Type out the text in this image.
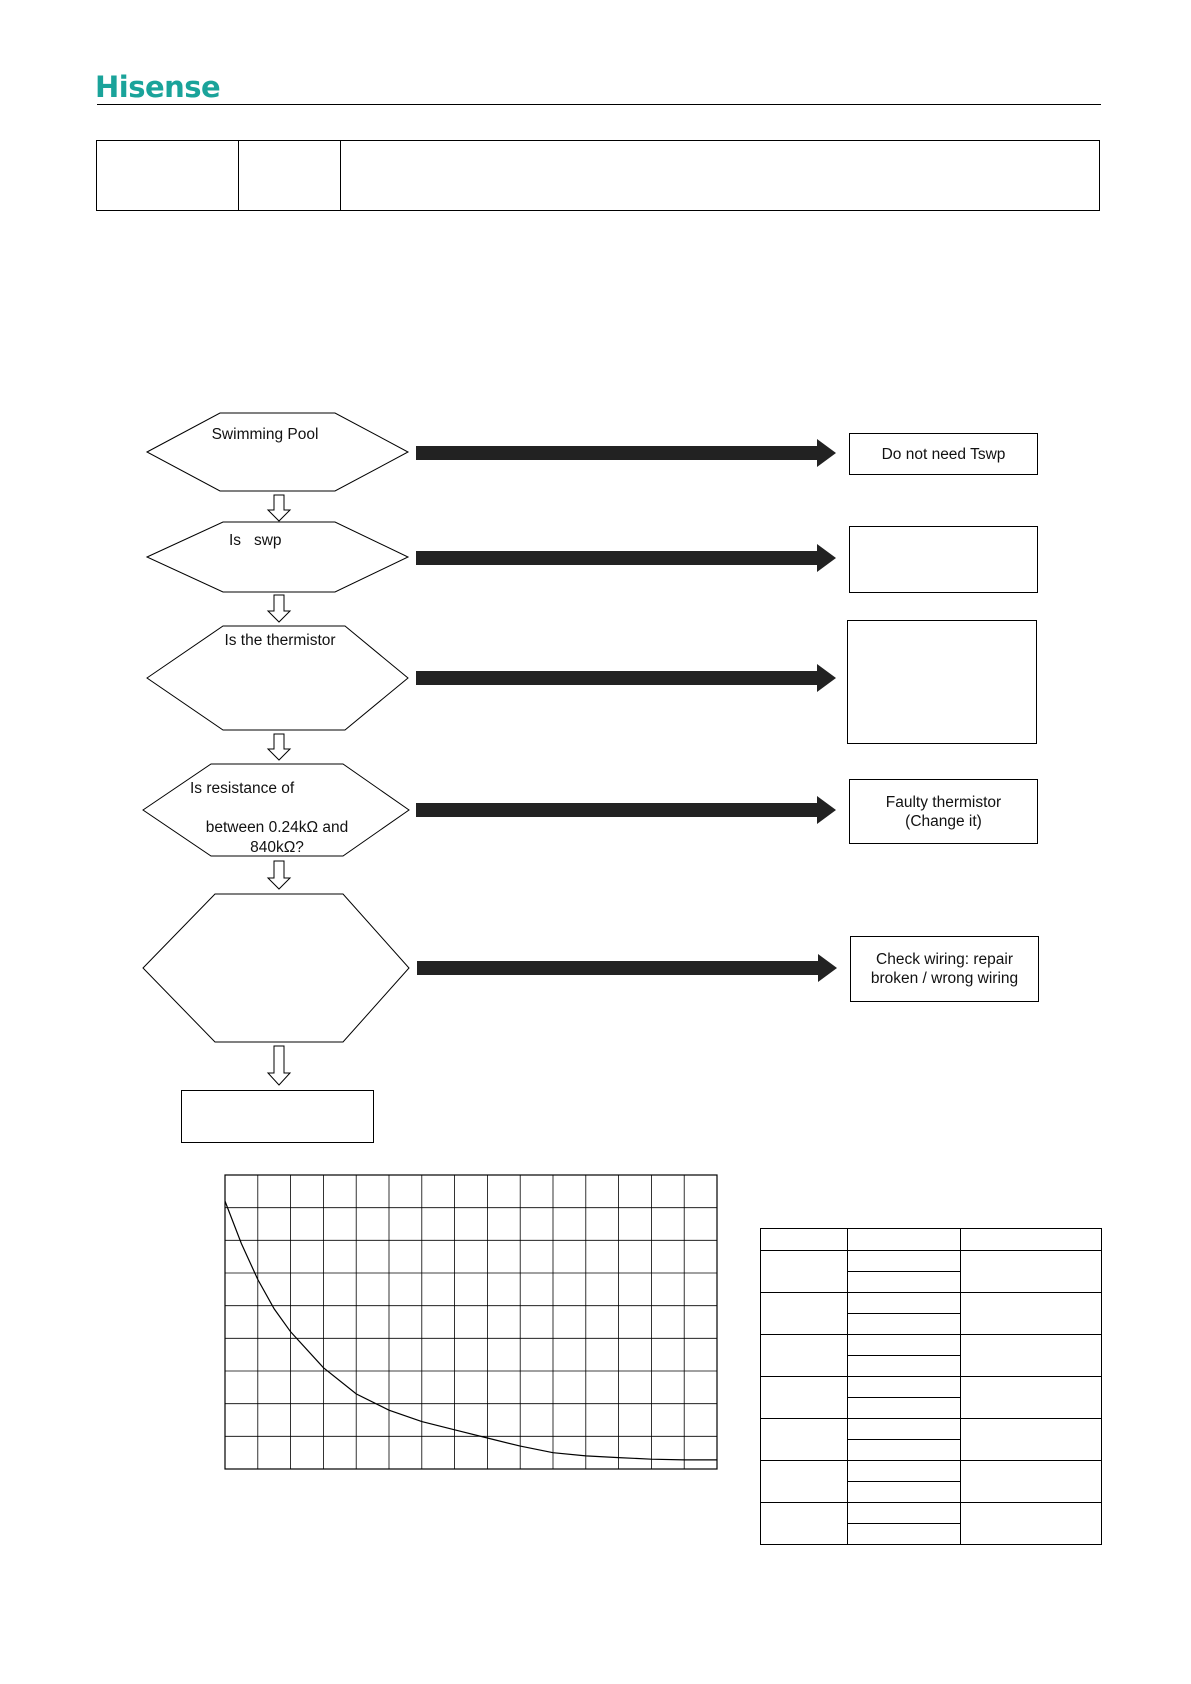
Hisense
Swimming Pool
Is   swp
Is the thermistor
Is resistance of
between 0.24kΩ and
840kΩ?
Do not need Tswp
Faulty thermistor
(Change it)
Check wiring: repair
broken / wrong wiring
